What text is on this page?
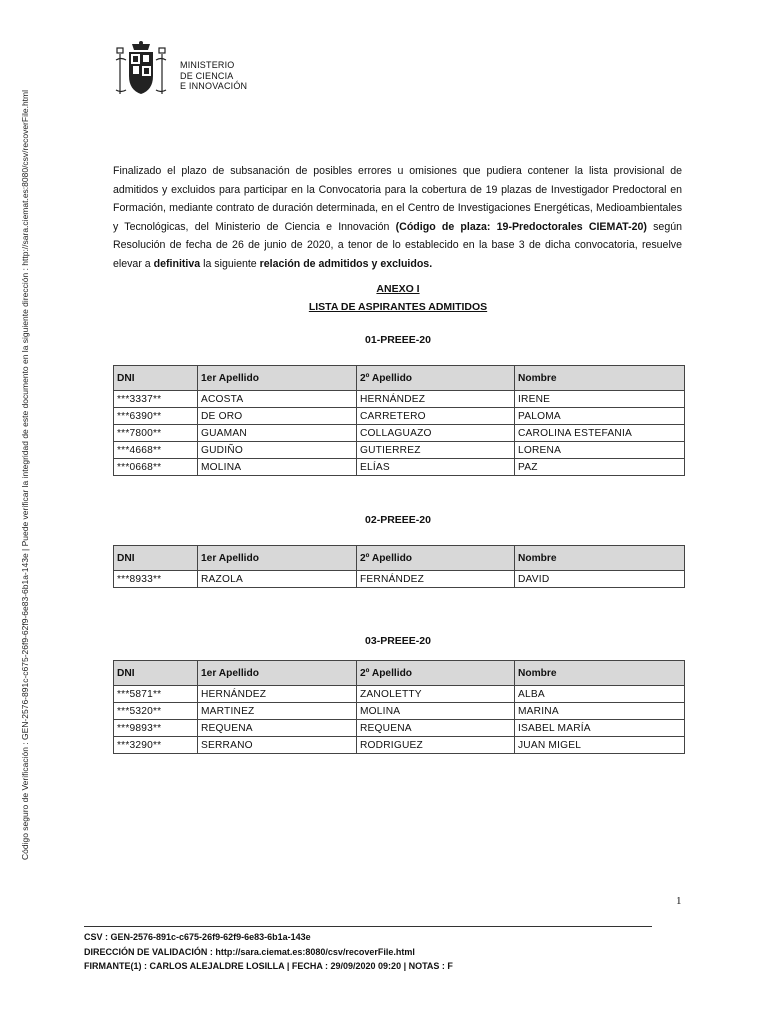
Código seguro de Verificación : GEN-2576-891c-c675-26f9-62f9-6e83-6b1a-143e | Puede verificar la integridad de este documento en la siguiente dirección : http://sara.ciemat.es:8080/csv/recoverFile.html
MINISTERIO
DE CIENCIA
E INNOVACIÓN
Finalizado el plazo de subsanación de posibles errores u omisiones que pudiera contener la lista provisional de admitidos y excluidos para participar en la Convocatoria para la cobertura de 19 plazas de Investigador Predoctoral en Formación, mediante contrato de duración determinada, en el Centro de Investigaciones Energéticas, Medioambientales y Tecnológicas, del Ministerio de Ciencia e Innovación (Código de plaza: 19-Predoctorales CIEMAT-20) según Resolución de fecha de 26 de junio de 2020, a tenor de lo establecido en la base 3 de dicha convocatoria, resuelve elevar a definitiva la siguiente relación de admitidos y excluidos.
ANEXO I
LISTA DE ASPIRANTES ADMITIDOS
01-PREEE-20
DNI	1er Apellido	2º Apellido	Nombre
***3337**	ACOSTA	HERNÁNDEZ	IRENE
***6390**	DE ORO	CARRETERO	PALOMA
***7800**	GUAMAN	COLLAGUAZO	CAROLINA ESTEFANIA
***4668**	GUDIÑO	GUTIERREZ	LORENA
***0668**	MOLINA	ELÍAS	PAZ
02-PREEE-20
DNI	1er Apellido	2º Apellido	Nombre
***8933**	RAZOLA	FERNÁNDEZ	DAVID
03-PREEE-20
DNI	1er Apellido	2º Apellido	Nombre
***5871**	HERNÁNDEZ	ZANOLETTY	ALBA
***5320**	MARTINEZ	MOLINA	MARINA
***9893**	REQUENA	REQUENA	ISABEL MARÍA
***3290**	SERRANO	RODRIGUEZ	JUAN MIGEL
1
CSV : GEN-2576-891c-c675-26f9-62f9-6e83-6b1a-143e
DIRECCIÓN DE VALIDACIÓN : http://sara.ciemat.es:8080/csv/recoverFile.html
FIRMANTE(1) : CARLOS ALEJALDRE LOSILLA | FECHA : 29/09/2020 09:20 | NOTAS : F
